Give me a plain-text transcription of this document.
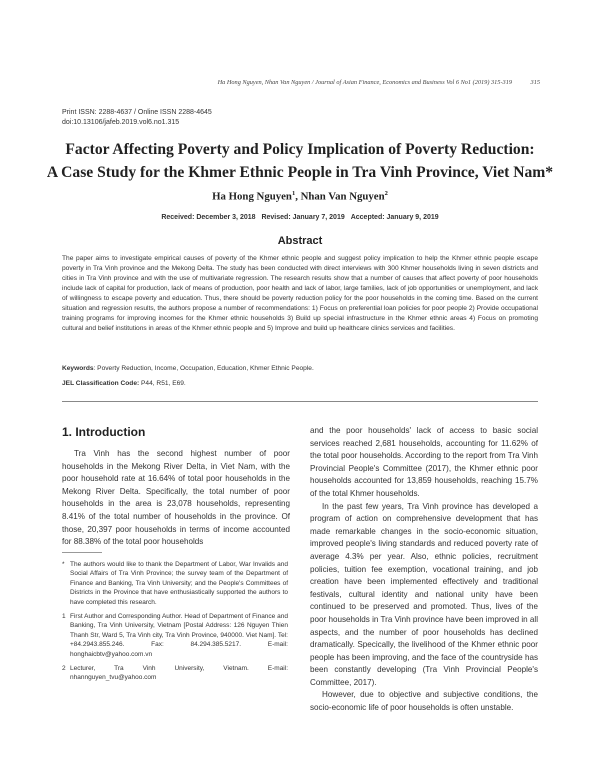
Ha Hong Nguyen, Nhan Van Nguyen / Journal of Asian Finance, Economics and Business Vol 6 No1 (2019) 315-319	315
Print ISSN: 2288-4637 / Online ISSN 2288-4645
doi:10.13106/jafeb.2019.vol6.no1.315
Factor Affecting Poverty and Policy Implication of Poverty Reduction:
A Case Study for the Khmer Ethnic People in Tra Vinh Province, Viet Nam*
Ha Hong Nguyen$^1$, Nhan Van Nguyen$^2$
Received: December 3, 2018 Revised: January 7, 2019 Accepted: January 9, 2019
Abstract
The paper aims to investigate empirical causes of poverty of the Khmer ethnic people and suggest policy implication to help the Khmer ethnic people escape poverty in Tra Vinh province and the Mekong Delta. The study has been conducted with direct interviews with 300 Khmer households living in seven districts and cities in Tra Vinh province and with the use of multivariate regression. The research results show that a number of causes that affect poverty of poor households include lack of capital for production, lack of means of production, poor health and lack of labor, large families, lack of job opportunities or unemployment, and lack of willingness to escape poverty and education. Thus, there should be poverty reduction policy for the poor households in the coming time. Based on the current situation and regression results, the authors propose a number of recommendations: 1) Focus on preferential loan policies for poor people 2) Provide occupational training programs for improving incomes for the Khmer ethnic households 3) Build up special infrastructure in the Khmer ethnic areas 4) Focus on promoting cultural and belief institutions in areas of the Khmer ethnic people and 5) Improve and build up healthcare clinics services and facilities.
Keywords: Poverty Reduction, Income, Occupation, Education, Khmer Ethnic People.
JEL Classification Code: P44, R51, E69.
1. Introduction
Tra Vinh has the second highest number of poor households in the Mekong River Delta, in Viet Nam, with the poor household rate at 16.64% of total poor households in the Mekong River Delta. Specifically, the total number of poor households in the area is 23,078 households, representing 8.41% of the total number of households in the province. Of those, 20,397 poor households in terms of income accounted for 88.38% of the total poor households
* The authors would like to thank the Department of Labor, War Invalids and Social Affairs of Tra Vinh Province; the survey team of the Department of Finance and Banking, Tra Vinh University; and the People's Committees of Districts in the Province that have enthusiastically supported the authors to have completed this research.
1 First Author and Corresponding Author. Head of Department of Finance and Banking, Tra Vinh University, Vietnam [Postal Address: 126 Nguyen Thien Thanh Str, Ward 5, Tra Vinh city, Tra Vinh Province, 940000. Viet Nam]. Tel: +84.2943.855.246. Fax: 84.294.385.5217. E-mail: honghaicbtv@yahoo.com.vn
2 Lecturer, Tra Vinh University, Vietnam. E-mail: nhannguyen_tvu@yahoo.com
and the poor households' lack of access to basic social services reached 2,681 households, accounting for 11.62% of the total poor households. According to the report from Tra Vinh Provincial People's Committee (2017), the Khmer ethnic poor households accounted for 13,859 households, reaching 15.7% of the total Khmer households.
In the past few years, Tra Vinh province has developed a program of action on comprehensive development that has made remarkable changes in the socio-economic situation, improved people's living standards and reduced poverty rate of average 4.3% per year. Also, ethnic policies, recruitment policies, tuition fee exemption, vocational training, and job creation have been implemented effectively and traditional festivals, cultural identity and national unity have been continued to be preserved and promoted. Thus, lives of the poor households in Tra Vinh province have been improved in all aspects, and the number of poor households has declined dramatically. Specically, the livelihood of the Khmer ethnic poor people has been improving, and the face of the countryside has been constantly developing (Tra Vinh Provincial People's Committee, 2017).
However, due to objective and subjective conditions, the socio-economic life of poor households is often unstable.
